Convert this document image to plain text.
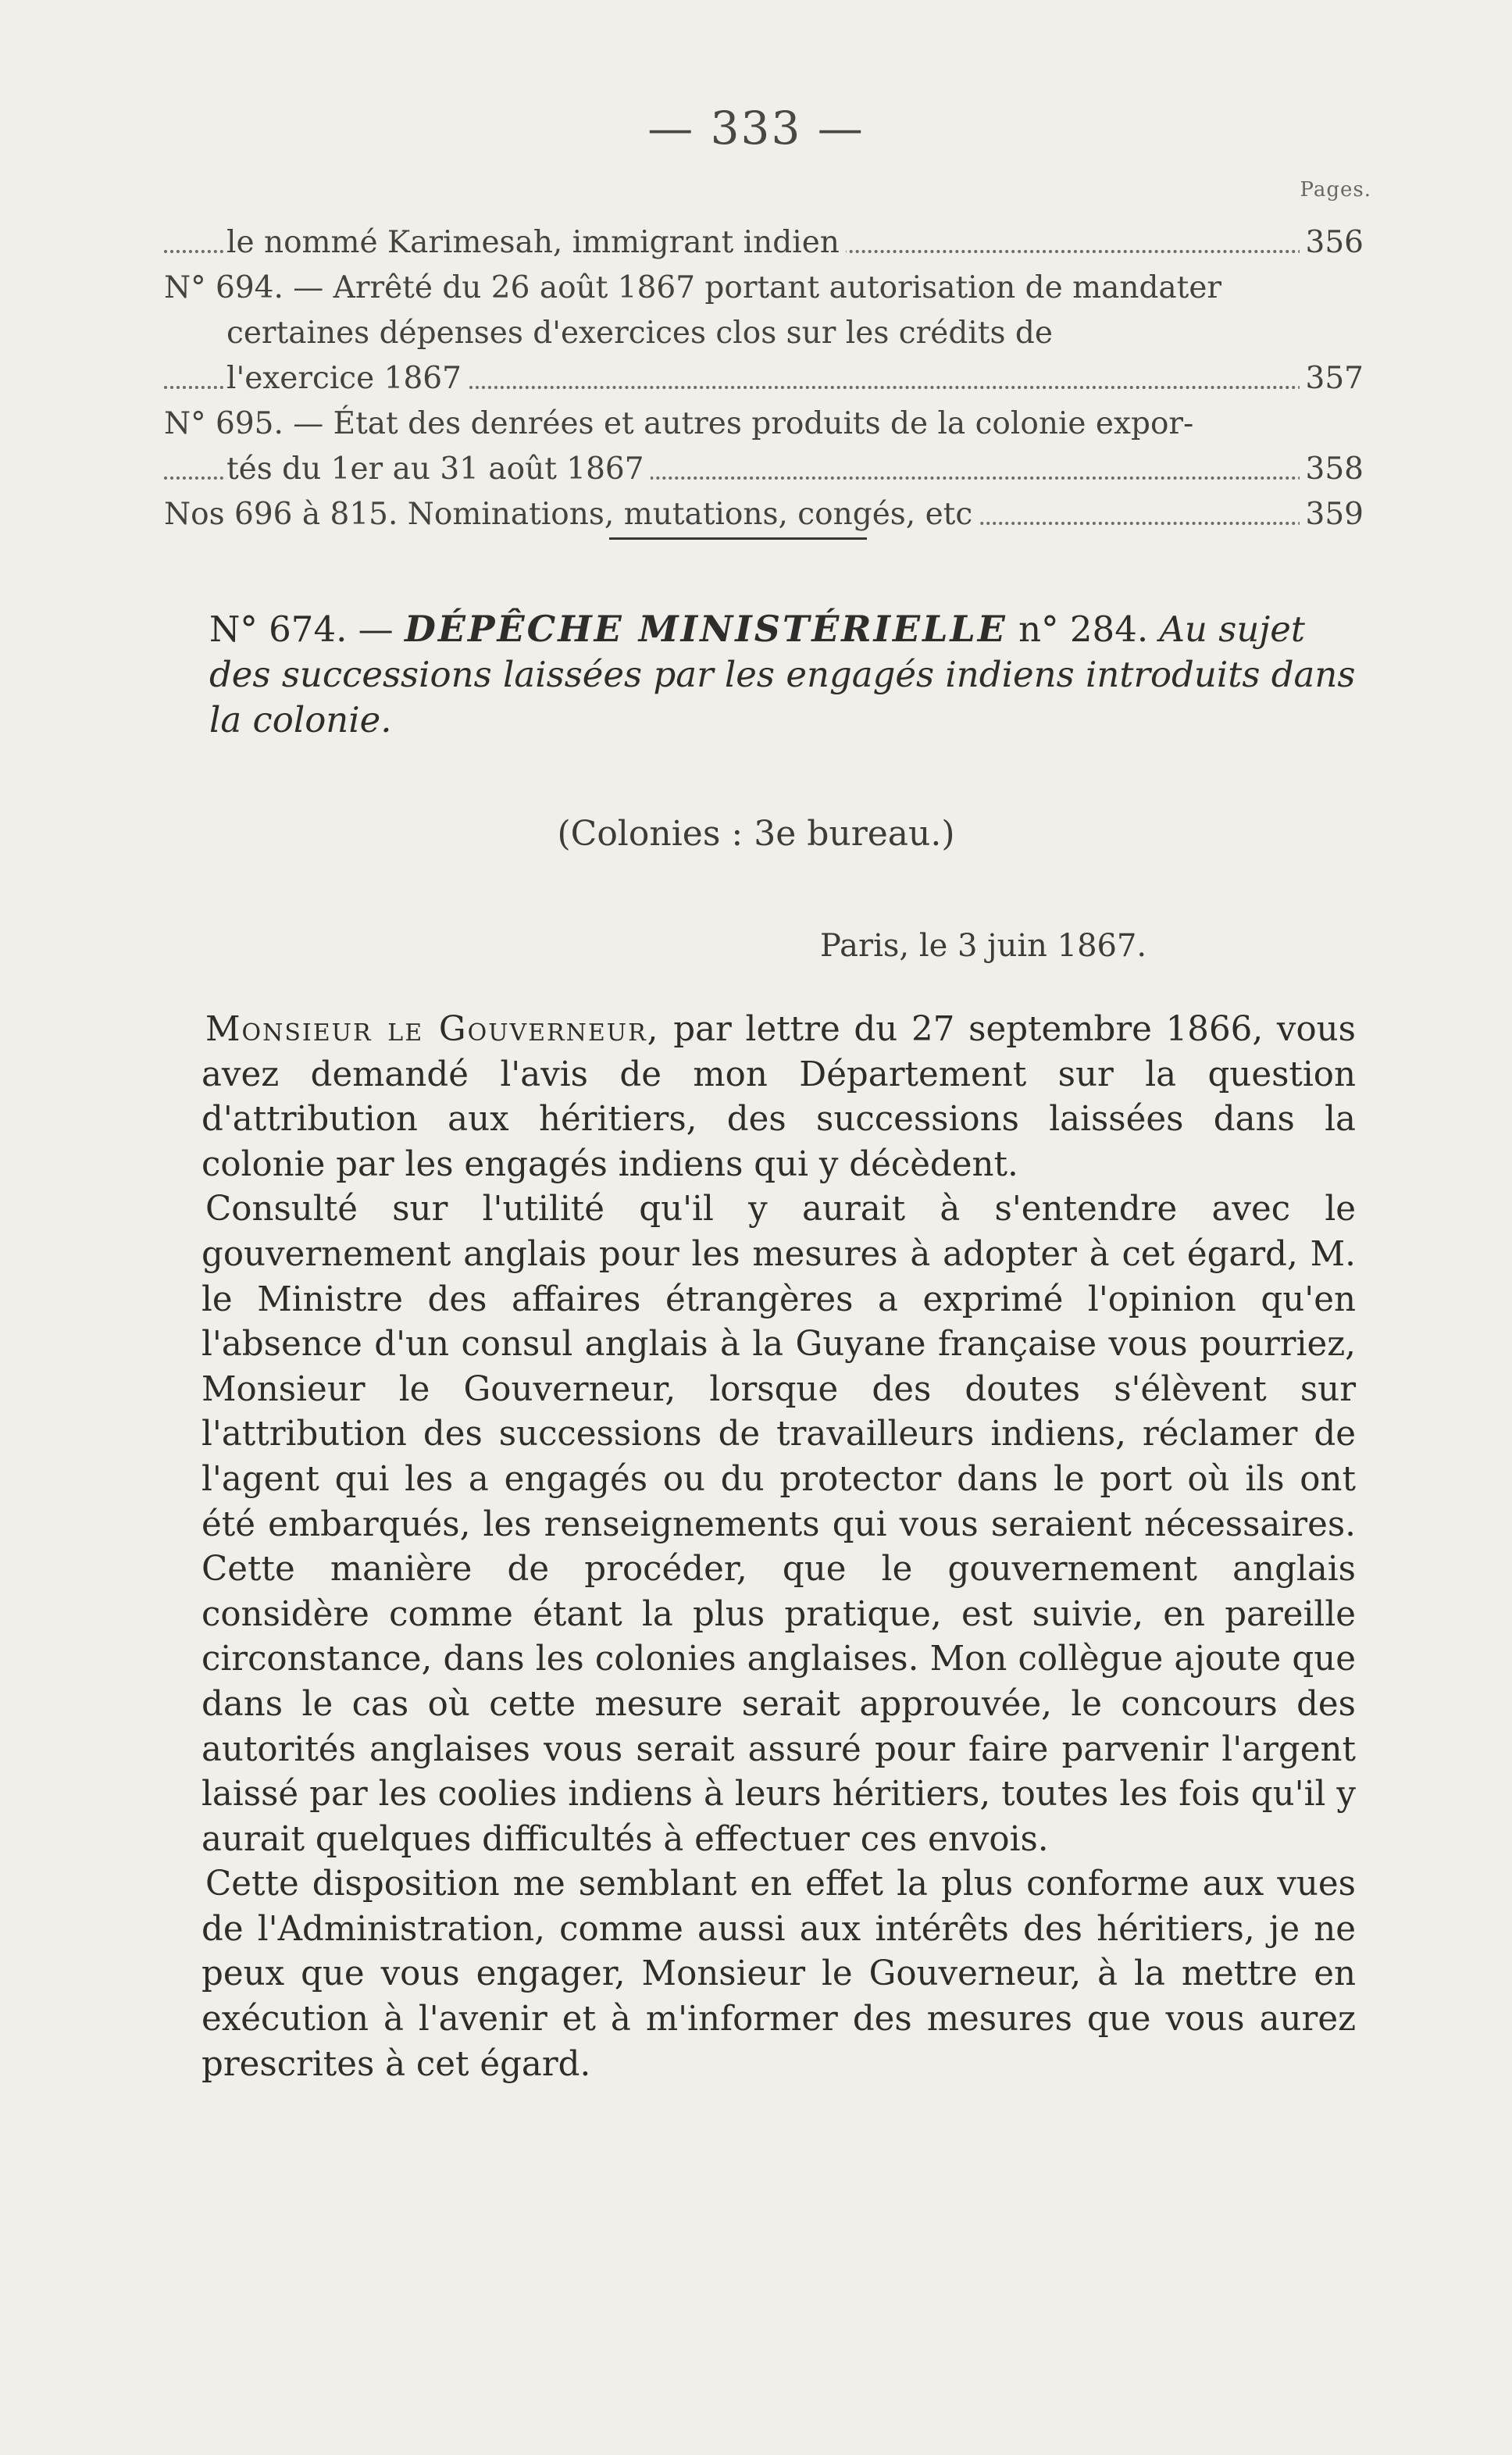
— 333 —
Pages.
le nommé Karimesah, immigrant indien	356
N° 694. — Arrêté du 26 août 1867 portant autorisation de mandater
certaines dépenses d'exercices clos sur les crédits de
l'exercice 1867	357
N° 695. — État des denrées et autres produits de la colonie expor-
tés du 1er au 31 août 1867	358
Nos 696 à 815. Nominations, mutations, congés, etc	359
N° 674. — DÉPÊCHE MINISTÉRIELLE n° 284. Au sujet des successions laissées par les engagés indiens introduits dans la colonie.
(Colonies : 3e bureau.)
Paris, le 3 juin 1867.

Monsieur le Gouverneur, par lettre du 27 septembre 1866, vous avez demandé l'avis de mon Département sur la question d'attribution aux héritiers, des successions laissées dans la colonie par les engagés indiens qui y décèdent.

Consulté sur l'utilité qu'il y aurait à s'entendre avec le gouvernement anglais pour les mesures à adopter à cet égard, M. le Ministre des affaires étrangères a exprimé l'opinion qu'en l'absence d'un consul anglais à la Guyane française vous pourriez, Monsieur le Gouverneur, lorsque des doutes s'élèvent sur l'attribution des successions de travailleurs indiens, réclamer de l'agent qui les a engagés ou du protector dans le port où ils ont été embarqués, les renseignements qui vous seraient nécessaires. Cette manière de procéder, que le gouvernement anglais considère comme étant la plus pratique, est suivie, en pareille circonstance, dans les colonies anglaises. Mon collègue ajoute que dans le cas où cette mesure serait approuvée, le concours des autorités anglaises vous serait assuré pour faire parvenir l'argent laissé par les coolies indiens à leurs héritiers, toutes les fois qu'il y aurait quelques difficultés à effectuer ces envois.

Cette disposition me semblant en effet la plus conforme aux vues de l'Administration, comme aussi aux intérêts des héritiers, je ne peux que vous engager, Monsieur le Gouverneur, à la mettre en exécution à l'avenir et à m'informer des mesures que vous aurez prescrites à cet égard.
